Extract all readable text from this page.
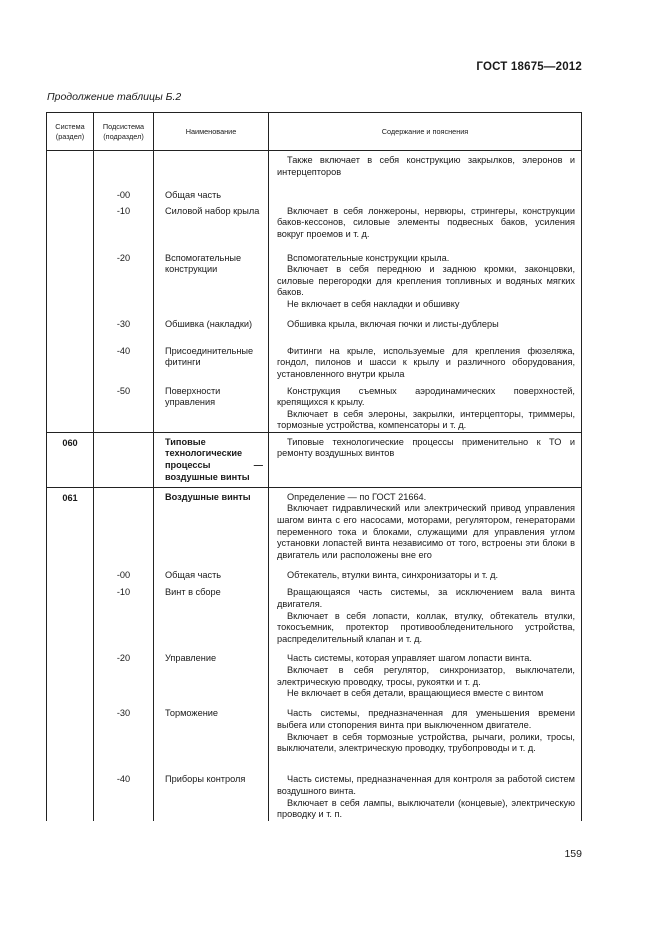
ГОСТ 18675—2012
Продолжение таблицы Б.2
Система (раздел)	Подсистема (подраздел)	Наименование	Содержание и пояснения

			Также включает в себя конструкцию закрылков, элеронов и интерцепторов

	-00	Общая часть	
	-10	Силовой набор крыла	Включает в себя лонжероны, нервюры, стрингеры, конструкции баков-кессонов, силовые элементы подвесных баков, усиления вокруг проемов и т. д.

	-20	Вспомогательные конструкции	Вспомогательные конструкции крыла.

Включает в себя переднюю и заднюю кромки, законцовки, силовые перегородки для крепления топливных и водяных мягких баков.

Не включает в себя накладки и обшивку

	-30	Обшивка (накладки)	Обшивка крыла, включая гючки и листы-дублеры

	-40	Присоединительные фитинги	Фитинги на крыле, используемые для крепления фюзеляжа, гондол, пилонов и шасси к крылу и различного оборудования, установленного внутри крыла

	-50	Поверхности управления	Конструкция съемных аэродинамических поверхностей, крепящихся к крылу.

Включает в себя элероны, закрылки, интерцепторы, триммеры, тормозные устройства, компенсаторы и т. д.

060		Типовые технологические процессы — воздушные винты	Типовые технологические процессы применительно к ТО и ремонту воздушных винтов

061		Воздушные винты	Определение — по ГОСТ 21664.

Включает гидравлический или электрический привод управления шагом винта с его насосами, моторами, регулятором, генераторами переменного тока и блоками, служащими для управления углом установки лопастей винта независимо от того, встроены эти блоки в двигатель или расположены вне его

	-00	Общая часть	Обтекатель, втулки винта, синхронизаторы и т. д.

	-10	Винт в сборе	Вращающаяся часть системы, за исключением вала винта двигателя.

Включает в себя лопасти, коллак, втулку, обтекатель втулки, токосъемник, протектор противообледенительного устройства, распределительный клапан и т. д.

	-20	Управление	Часть системы, которая управляет шагом лопасти винта.

Включает в себя регулятор, синхронизатор, выключатели, электрическую проводку, тросы, рукоятки и т. д.

Не включает в себя детали, вращающиеся вместе с винтом

	-30	Торможение	Часть системы, предназначенная для уменьшения времени выбега или стопорения винта при выключенном двигателе.

Включает в себя тормозные устройства, рычаги, ролики, тросы, выключатели, электрическую проводку, трубопроводы и т. д.

	-40	Приборы контроля	Часть системы, предназначенная для контроля за работой систем воздушного винта.

Включает в себя лампы, выключатели (концевые), электрическую проводку и т. п.

159
